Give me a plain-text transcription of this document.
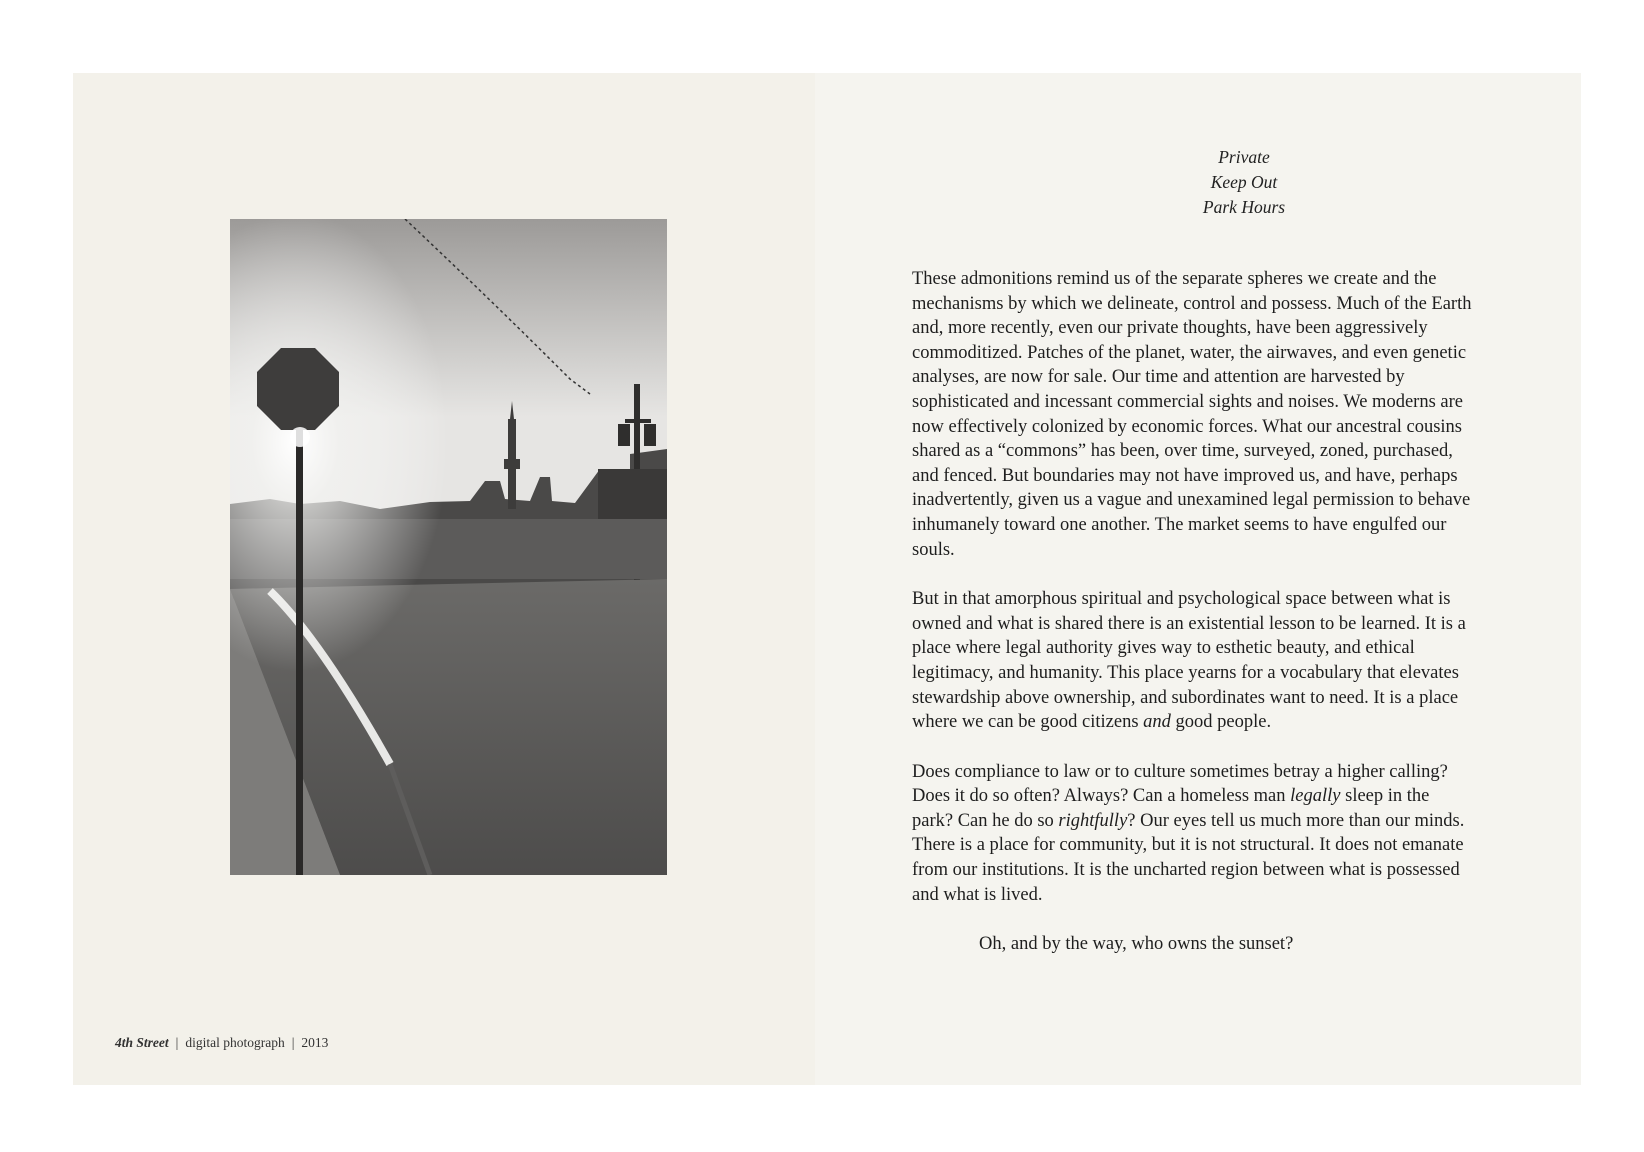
4th Street | digital photograph | 2013
Private
Keep Out
Park Hours

These admonitions remind us of the separate spheres we create and the mechanisms by which we delineate, control and possess. Much of the Earth and, more recently, even our private thoughts, have been aggressively commoditized. Patches of the planet, water, the airwaves, and even genetic analyses, are now for sale. Our time and attention are harvested by sophisticated and incessant commercial sights and noises. We moderns are now effectively colonized by economic forces. What our ancestral cousins shared as a “commons” has been, over time, surveyed, zoned, purchased, and fenced. But boundaries may not have improved us, and have, perhaps inadvertently, given us a vague and unexamined legal permission to behave inhumanely toward one another. The market seems to have engulfed our souls.

But in that amorphous spiritual and psychological space between what is owned and what is shared there is an existential lesson to be learned. It is a place where legal authority gives way to esthetic beauty, and ethical legitimacy, and humanity. This place yearns for a vocabulary that elevates stewardship above ownership, and subordinates want to need. It is a place where we can be good citizens and good people.

Does compliance to law or to culture sometimes betray a higher calling? Does it do so often? Always? Can a homeless man legally sleep in the park? Can he do so rightfully? Our eyes tell us much more than our minds. There is a place for community, but it is not structural. It does not emanate from our institutions. It is the uncharted region between what is possessed and what is lived.

Oh, and by the way, who owns the sunset?
